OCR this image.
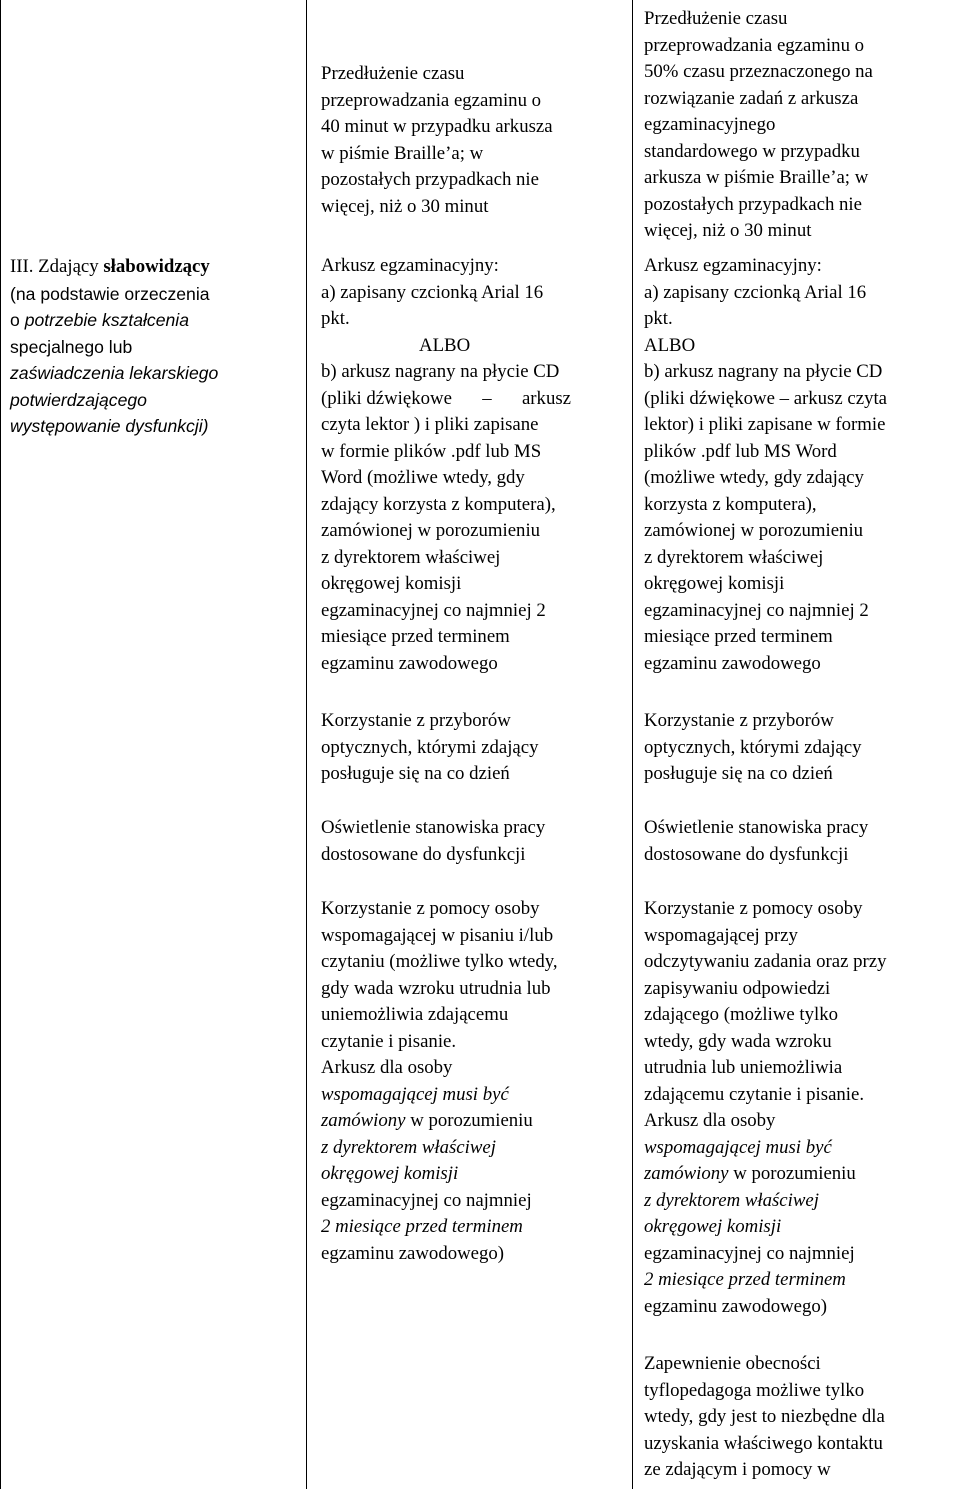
III. Zdający słabowidzący
(na podstawie orzeczenia
o potrzebie kształcenia
specjalnego lub
zaświadczenia lekarskiego
potwierdzającego
występowanie dysfunkcji)
Przedłużenie czasu
przeprowadzania egzaminu o
40 minut w przypadku arkusza
w piśmie Braille’a; w
pozostałych przypadkach nie
więcej, niż o 30 minut
Arkusz egzaminacyjny:
a) zapisany czcionką Arial 16
pkt.
ALBO
b) arkusz nagrany na płycie CD
(pliki dźwiękowe – arkusz
czyta lektor ) i pliki zapisane
w formie plików .pdf lub MS
Word (możliwe wtedy, gdy
zdający korzysta z komputera),
zamówionej w porozumieniu
z dyrektorem właściwej
okręgowej komisji
egzaminacyjnej co najmniej 2
miesiące przed terminem
egzaminu zawodowego
Korzystanie z przyborów
optycznych, którymi zdający
posługuje się na co dzień
Oświetlenie stanowiska pracy
dostosowane do dysfunkcji
Korzystanie z pomocy osoby
wspomagającej w pisaniu i/lub
czytaniu (możliwe tylko wtedy,
gdy wada wzroku utrudnia lub
uniemożliwia zdającemu
czytanie i pisanie.
Arkusz dla osoby
wspomagającej musi być
zamówiony w porozumieniu
z dyrektorem właściwej
okręgowej komisji
egzaminacyjnej co najmniej
2 miesiące przed terminem
egzaminu zawodowego)
Przedłużenie czasu
przeprowadzania egzaminu o
50% czasu przeznaczonego na
rozwiązanie zadań z arkusza
egzaminacyjnego
standardowego w przypadku
arkusza w piśmie Braille’a; w
pozostałych przypadkach nie
więcej, niż o 30 minut
Arkusz egzaminacyjny:
a) zapisany czcionką Arial 16
pkt.
ALBO
b) arkusz nagrany na płycie CD
(pliki dźwiękowe – arkusz czyta
lektor) i pliki zapisane w formie
plików .pdf lub MS Word
(możliwe wtedy, gdy zdający
korzysta z komputera),
zamówionej w porozumieniu
z dyrektorem właściwej
okręgowej komisji
egzaminacyjnej co najmniej 2
miesiące przed terminem
egzaminu zawodowego
Korzystanie z przyborów
optycznych, którymi zdający
posługuje się na co dzień
Oświetlenie stanowiska pracy
dostosowane do dysfunkcji
Korzystanie z pomocy osoby
wspomagającej przy
odczytywaniu zadania oraz przy
zapisywaniu odpowiedzi
zdającego (możliwe tylko
wtedy, gdy wada wzroku
utrudnia lub uniemożliwia
zdającemu czytanie i pisanie.
Arkusz dla osoby
wspomagającej musi być
zamówiony w porozumieniu
z dyrektorem właściwej
okręgowej komisji
egzaminacyjnej co najmniej
2 miesiące przed terminem
egzaminu zawodowego)
Zapewnienie obecności
tyflopedagoga możliwe tylko
wtedy, gdy jest to niezbędne dla
uzyskania właściwego kontaktu
ze zdającym i pomocy w
